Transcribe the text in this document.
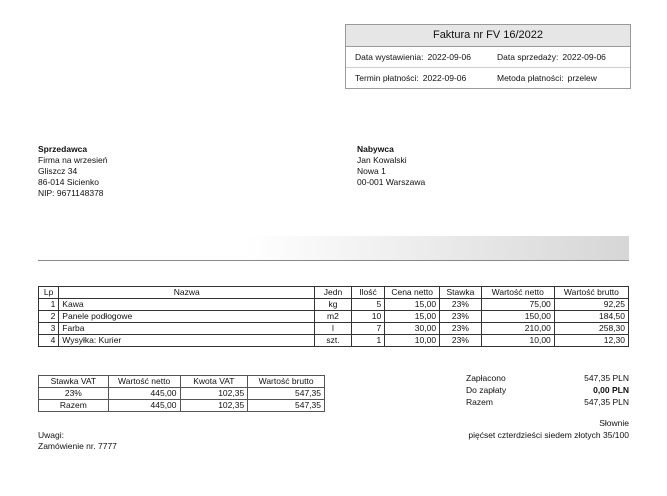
Faktura nr FV 16/2022
Data wystawienia: 2022-09-06	Data sprzedaży: 2022-09-06
Termin płatności: 2022-09-06	Metoda płatności: przelew
Sprzedawca
Firma na wrzesień
Gliszcz 34
86-014 Sicienko
NIP: 9671148378
Nabywca
Jan Kowalski
Nowa 1
00-001 Warszawa
Lp	Nazwa	Jedn	Ilość	Cena netto	Stawka	Wartość netto	Wartość brutto
1	Kawa	kg	5	15,00	23%	75,00	92,25
2	Panele podłogowe	m2	10	15,00	23%	150,00	184,50
3	Farba	l	7	30,00	23%	210,00	258,30
4	Wysyłka: Kurier	szt.	1	10,00	23%	10,00	12,30
Stawka VAT	Wartość netto	Kwota VAT	Wartość brutto
23%	445,00	102,35	547,35
Razem	445,00	102,35	547,35
Zapłacono	547,35 PLN
Do zapłaty	0,00 PLN
Razem	547,35 PLN
Słownie
pięćset czterdzieści siedem złotych 35/100
Uwagi:
Zamówienie nr. 7777
